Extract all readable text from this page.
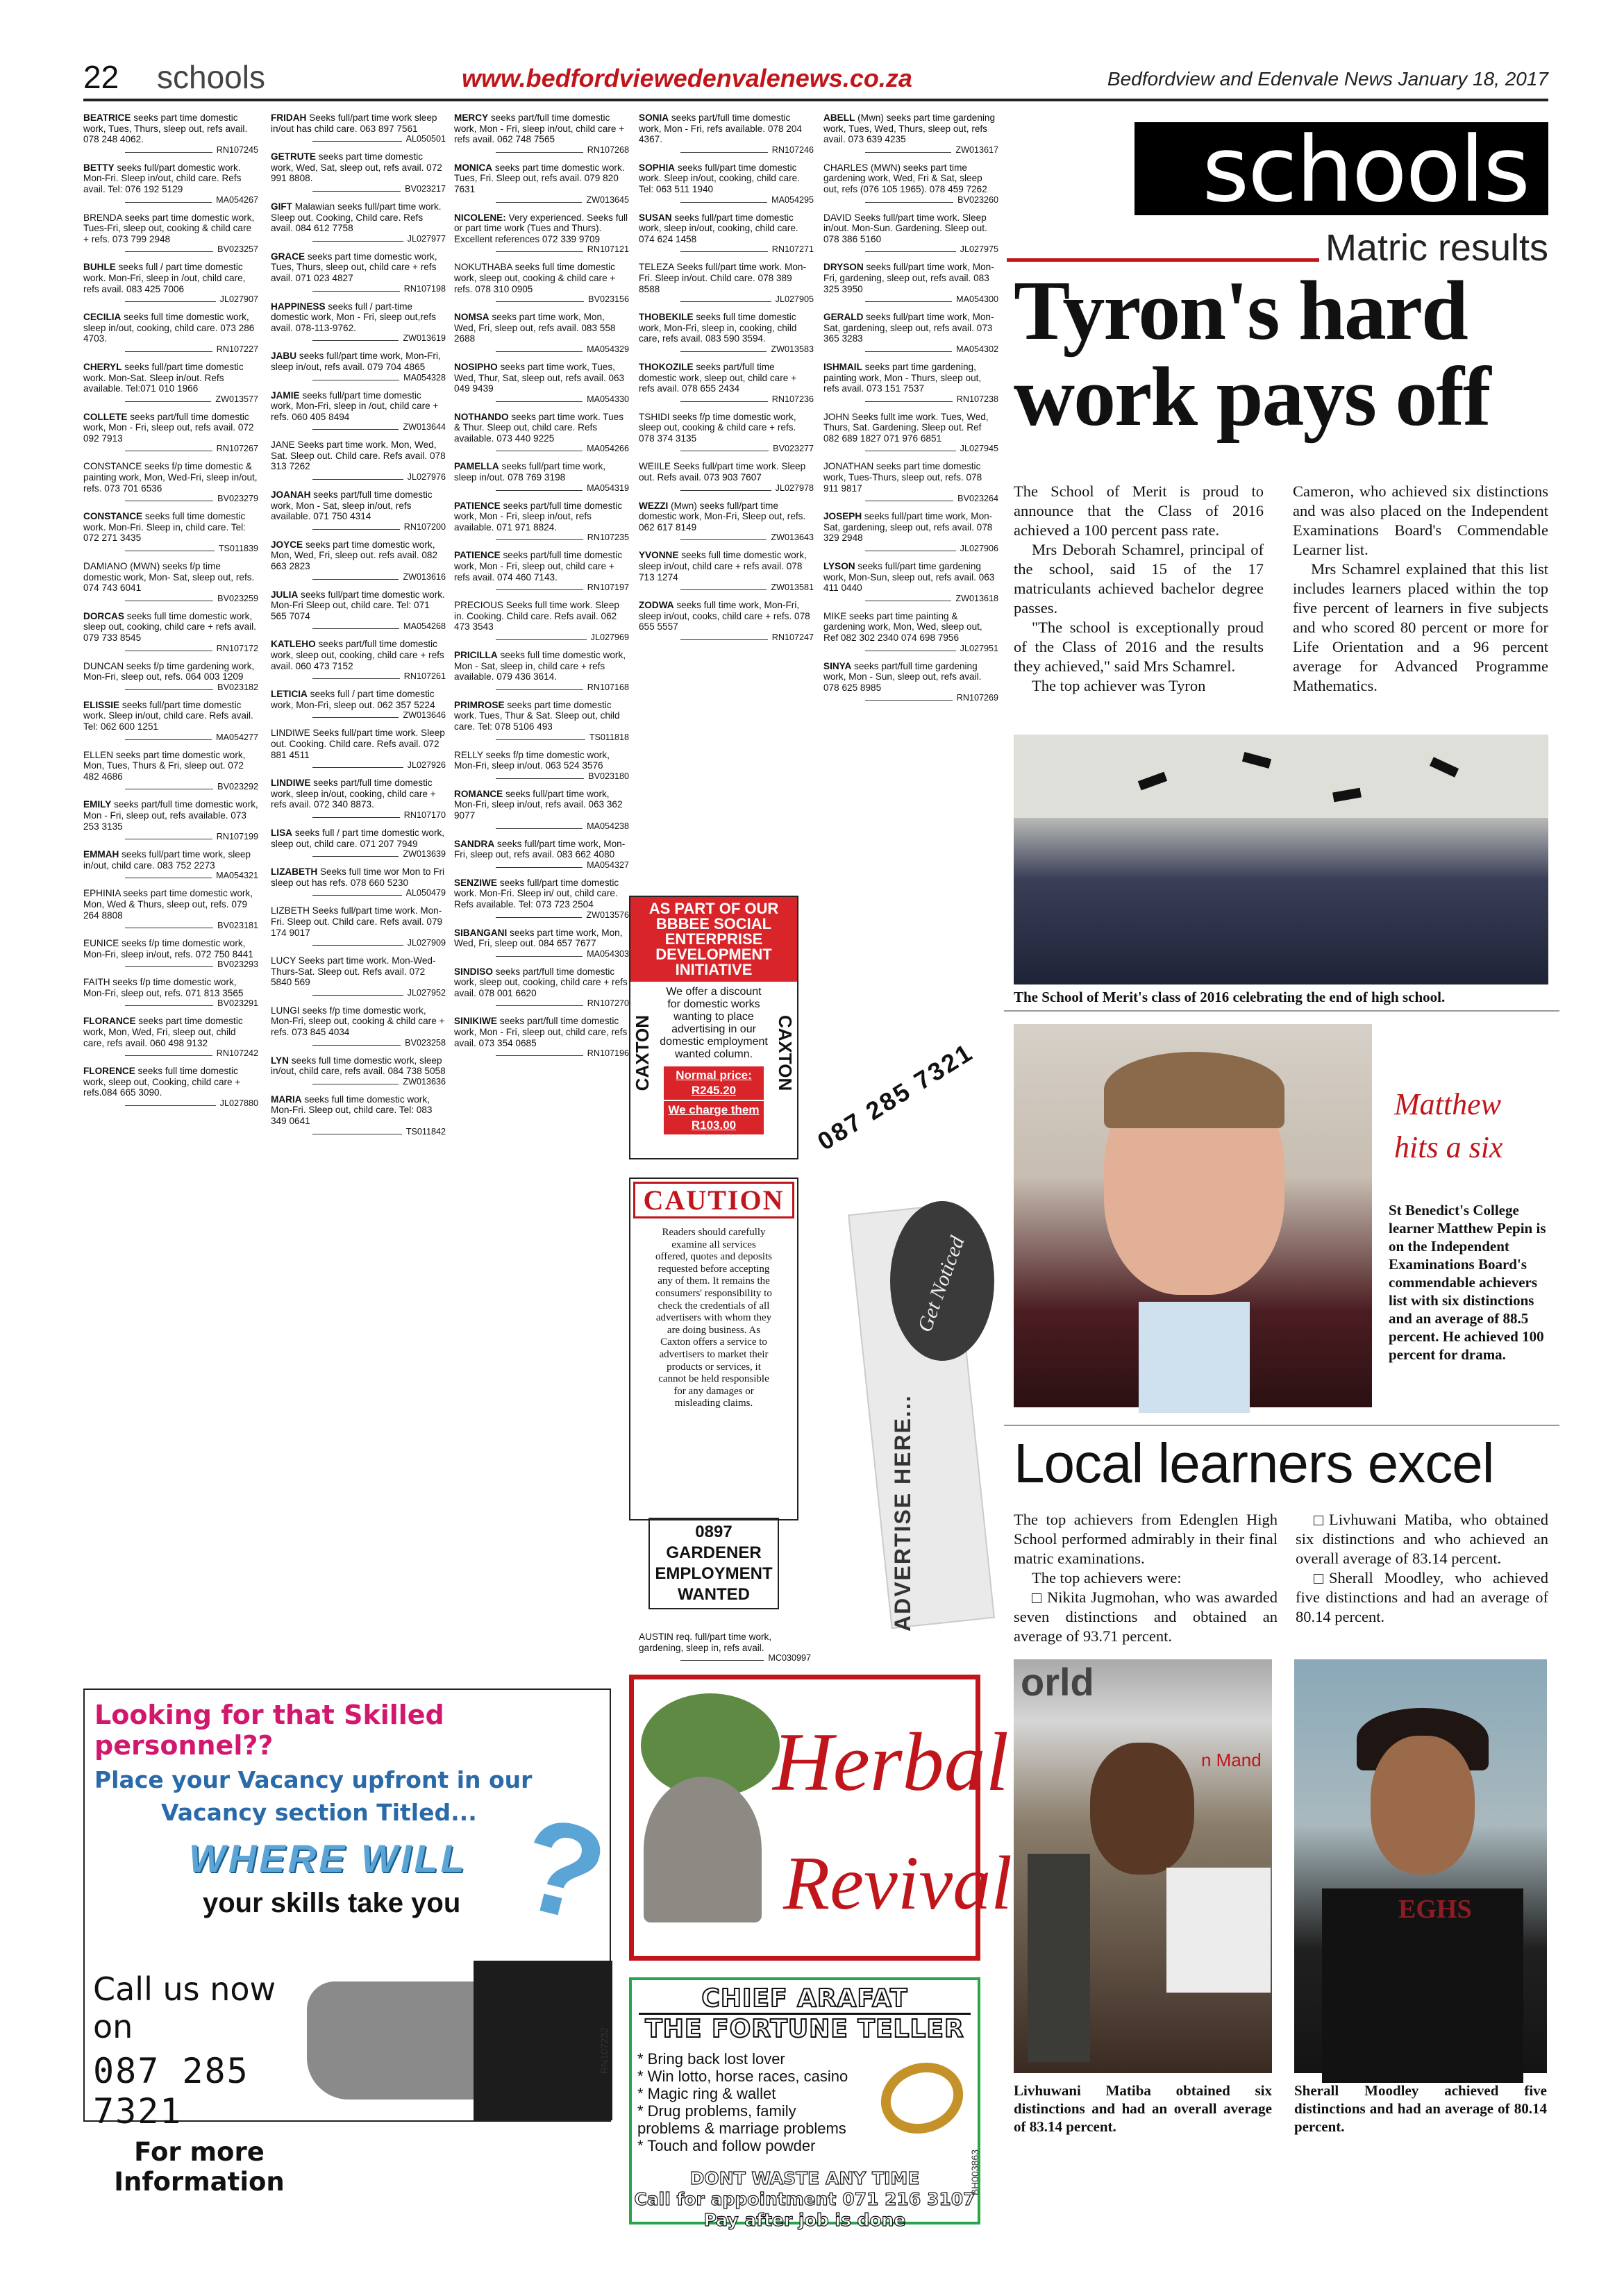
22 schools	www.bedfordviewedenvalenews.co.za	Bedfordview and Edenvale News January 18, 2017
BEATRICE seeks part time domestic work, Tues, Thurs, sleep out, refs avail. 078 248 4062.
RN107245
BETTY seeks full/part domestic work. Mon-Fri. Sleep in/out, child care. Refs avail. Tel: 076 192 5129
MA054267
BRENDA seeks part time domestic work, Tues-Fri, sleep out, cooking & child care + refs. 073 799 2948
BV023257
BUHLE seeks full / part time domestic work. Mon-Fri, sleep in /out, child care, refs avail. 083 425 7006
JL027907
CECILIA seeks full time domestic work, sleep in/out, cooking, child care. 073 286 4703.
RN107227
CHERYL seeks full/part time domestic work. Mon-Sat. Sleep in/out. Refs available. Tel:071 010 1966
ZW013577
COLLETE seeks part/full time domestic work, Mon - Fri, sleep out, refs avail. 072 092 7913
RN107267
CONSTANCE seeks f/p time domestic & painting work, Mon, Wed-Fri, sleep in/out, refs. 073 701 6536
BV023279
CONSTANCE seeks full time domestic work. Mon-Fri. Sleep in, child care. Tel: 072 271 3435
TS011839
DAMIANO (MWN) seeks f/p time domestic work, Mon- Sat, sleep out, refs. 074 743 6041
BV023259
DORCAS seeks full time domestic work, sleep out, cooking, child care + refs avail. 079 733 8545
RN107172
DUNCAN seeks f/p time gardening work, Mon-Fri, sleep out, refs. 064 003 1209
BV023182
ELISSIE seeks full/part time domestic work. Sleep in/out, child care. Refs avail. Tel: 062 600 1251
MA054277
ELLEN seeks part time domestic work, Mon, Tues, Thurs & Fri, sleep out. 072 482 4686
BV023292
EMILY seeks part/full time domestic work, Mon - Fri, sleep out, refs available. 073 253 3135
RN107199
EMMAH seeks full/part time work, sleep in/out, child care. 083 752 2273
MA054321
EPHINIA seeks part time domestic work, Mon, Wed & Thurs, sleep out, refs. 079 264 8808
BV023181
EUNICE seeks f/p time domestic work, Mon-Fri, sleep in/out, refs. 072 750 8441
BV023293
FAITH seeks f/p time domestic work, Mon-Fri, sleep out, refs. 071 813 3565
BV023291
FLORANCE seeks part time domestic work, Mon, Wed, Fri, sleep out, child care, refs avail. 060 498 9132
RN107242
FLORENCE seeks full time domestic work, sleep out, Cooking, child care + refs.084 665 3090.
JL027880
FRIDAH Seeks full/part time work sleep in/out has child care. 063 897 7561
AL050501
GETRUTE seeks part time domestic work, Wed, Sat, sleep out, refs avail. 072 991 8808.
BV023217
GIFT Malawian seeks full/part time work. Sleep out. Cooking, Child care. Refs avail. 084 612 7758
JL027977
GRACE seeks part time domestic work, Tues, Thurs, sleep out, child care + refs avail. 071 023 4827
RN107198
HAPPINESS seeks full / part-time domestic work, Mon - Fri, sleep out,refs avail. 078-113-9762.
ZW013619
JABU seeks full/part time work, Mon-Fri, sleep in/out, refs avail. 079 704 4865
MA054328
JAMIE seeks full/part time domestic work, Mon-Fri, sleep in /out, child care + refs. 060 405 8494
ZW013644
JANE Seeks part time work. Mon, Wed, Sat. Sleep out. Child care. Refs avail. 078 313 7262
JL027976
JOANAH seeks part/full time domestic work, Mon - Sat, sleep in/out, refs available. 071 750 4314
RN107200
JOYCE seeks part time domestic work, Mon, Wed, Fri, sleep out. refs avail. 082 663 2823
ZW013616
JULIA seeks full/part time domestic work. Mon-Fri Sleep out, child care. Tel: 071 565 7074
MA054268
KATLEHO seeks part/full time domestic work, sleep out, cooking, child care + refs avail. 060 473 7152
RN107261
LETICIA seeks full / part time domestic work, Mon-Fri, sleep out. 062 357 5224
ZW013646
LINDIWE Seeks full/part time work. Sleep out. Cooking. Child care. Refs avail. 072 881 4511
JL027926
LINDIWE seeks part/full time domestic work, sleep in/out, cooking, child care + refs avail. 072 340 8873.
RN107170
LISA seeks full / part time domestic work, sleep out, child care. 071 207 7949
ZW013639
LIZABETH Seeks full time wor Mon to Fri sleep out has refs. 078 660 5230
AL050479
LIZBETH Seeks full/part time work. Mon-Fri. Sleep out. Child care. Refs avail. 079 174 9017
JL027909
LUCY Seeks part time work. Mon-Wed-Thurs-Sat. Sleep out. Refs avail. 072 5840 569
JL027952
LUNGI seeks f/p time domestic work, Mon-Fri, sleep out, cooking & child care + refs. 073 845 4034
BV023258
LYN seeks full time domestic work, sleep in/out, child care, refs avail. 084 738 5058
ZW013636
MARIA seeks full time domestic work, Mon-Fri. Sleep out, child care. Tel: 083 349 0641
TS011842
MERCY seeks part/full time domestic work, Mon - Fri, sleep in/out, child care + refs avail. 062 748 7565
RN107268
MONICA seeks part time domestic work. Tues, Fri. Sleep out, refs avail. 079 820 7631
ZW013645
NICOLENE: Very experienced. Seeks full or part time work (Tues and Thurs). Excellent references 072 339 9709
RN107121
NOKUTHABA seeks full time domestic work, sleep out, cooking & child care + refs. 078 310 0905
BV023156
NOMSA seeks part time work, Mon, Wed, Fri, sleep out, refs avail. 083 558 2688
MA054329
NOSIPHO seeks part time work, Tues, Wed, Thur, Sat, sleep out, refs avail. 063 049 9439
MA054330
NOTHANDO seeks part time work. Tues & Thur. Sleep out, child care. Refs available. 073 440 9225
MA054266
PAMELLA seeks full/part time work, sleep in/out. 078 769 3198
MA054319
PATIENCE seeks part/full time domestic work, Mon - Fri, sleep in/out, refs available. 071 971 8824.
RN107235
PATIENCE seeks part/full time domestic work, Mon - Fri, sleep out, child care + refs avail. 074 460 7143.
RN107197
PRECIOUS Seeks full time work. Sleep in. Cooking. Child care. Refs avail. 062 473 3543
JL027969
PRICILLA seeks full time domestic work, Mon - Sat, sleep in, child care + refs available. 079 436 3614.
RN107168
PRIMROSE seeks part time domestic work. Tues, Thur & Sat. Sleep out, child care. Tel: 078 5106 493
TS011818
RELLY seeks f/p time domestic work, Mon-Fri, sleep in/out. 063 524 3576
BV023180
ROMANCE seeks full/part time work, Mon-Fri, sleep in/out, refs avail. 063 362 9077
MA054238
SANDRA seeks full/part time work, Mon-Fri, sleep out, refs avail. 083 662 4080
MA054327
SENZIWE seeks full/part time domestic work. Mon-Fri. Sleep in/ out, child care. Refs available. Tel: 073 723 2504
ZW013576
SIBANGANI seeks part time work, Mon, Wed, Fri, sleep out. 084 657 7677
MA054303
SINDISO seeks part/full time domestic work, sleep out, cooking, child care + refs avail. 078 001 6620
RN107270
SINIKIWE seeks part/full time domestic work, Mon - Fri, sleep out, child care, refs avail. 073 354 0685
RN107196
SONIA seeks part/full time domestic work, Mon - Fri, refs available. 078 204 4367.
RN107246
SOPHIA seeks full/part time domestic work. Sleep in/out, cooking, child care. Tel: 063 511 1940
MA054295
SUSAN seeks full/part time domestic work, sleep in/out, cooking, child care. 074 624 1458
RN107271
TELEZA Seeks full/part time work. Mon-Fri. Sleep in/out. Child care. 078 389 8588
JL027905
THOBEKILE seeks full time domestic work, Mon-Fri, sleep in, cooking, child care, refs avail. 083 590 3594.
ZW013583
THOKOZILE seeks part/full time domestic work, sleep out, child care + refs avail. 078 655 2434
RN107236
TSHIDI seeks f/p time domestic work, sleep out, cooking & child care + refs. 078 374 3135
BV023277
WEIILE Seeks full/part time work. Sleep out. Refs avail. 073 903 7607
JL027978
WEZZI (Mwn) seeks full/part time domestic work, Mon-Fri, Sleep out, refs. 062 617 8149
ZW013643
YVONNE seeks full time domestic work, sleep in/out, child care + refs avail. 078 713 1274
ZW013581
ZODWA seeks full time work, Mon-Fri, sleep in/out, cooks, child care + refs. 078 655 5557
RN107247
ABELL (Mwn) seeks part time gardening work, Tues, Wed, Thurs, sleep out, refs avail. 073 639 4235
ZW013617
CHARLES (MWN) seeks part time gardening work, Wed, Fri & Sat, sleep out, refs (076 105 1965). 078 459 7262
BV023260
DAVID Seeks full/part time work. Sleep in/out. Mon-Sun. Gardening. Sleep out. 078 386 5160
JL027975
DRYSON seeks full/part time work, Mon-Fri, gardening, sleep out, refs avail. 083 325 3950
MA054300
GERALD seeks full/part time work, Mon-Sat, gardening, sleep out, refs avail. 073 365 3283
MA054302
ISHMAIL seeks part time gardening, painting work, Mon - Thurs, sleep out, refs avail. 073 151 7537
RN107238
JOHN Seeks fullt ime work. Tues, Wed, Thurs, Sat. Gardening. Sleep out. Ref 082 689 1827 071 976 6851
JL027945
JONATHAN seeks part time domestic work, Tues-Thurs, sleep out, refs. 078 911 9817
BV023264
JOSEPH seeks full/part time work, Mon-Sat, gardening, sleep out, refs avail. 078 329 2948
JL027906
LYSON seeks full/part time gardening work, Mon-Sun, sleep out, refs avail. 063 411 0440
ZW013618
MIKE seeks part time painting & gardening work, Mon, Wed, sleep out, Ref 082 302 2340 074 698 7956
JL027951
SINYA seeks part/full time gardening work, Mon - Sun, sleep out, refs avail. 078 625 8985
RN107269
AS PART OF OUR BBBEE SOCIAL ENTERPRISE DEVELOPMENT INITIATIVE
We offer a discount for domestic works wanting to place advertising in our domestic employment wanted column.
Normal price: R245.20
We charge them R103.00
CAXTON	CAXTON
CAUTION
Readers should carefully examine all services offered, quotes and deposits requested before accepting any of them. It remains the consumers' responsibility to check the credentials of all advertisers with whom they are doing business. As Caxton offers a service to advertisers to market their products or services, it cannot be held responsible for any damages or misleading claims.
087 285 7321
Get Noticed
ADVERTISE HERE...
0897
GARDENER
EMPLOYMENT
WANTED
AUSTIN req. full/part time work, gardening, sleep in, refs avail.
MC030997
Looking for that Skilled personnel??
Place your Vacancy upfront in our
Vacancy section Titled...
WHERE WILL
your skills take you ?
Call us now on
087 285 7321
For more
Information
RN107232
Herbal
Revival
CHIEF ARAFAT
THE FORTUNE TELLER
* Bring back lost lover
* Win lotto, horse races, casino
* Magic ring & wallet
* Drug problems, family problems & marriage problems
* Touch and follow powder
DONT WASTE ANY TIME
Call for appointment 071 216 3107
Pay after job is done
BH003863
schools
Matric results
Tyron's hard work pays off

The School of Merit is proud to announce that the Class of 2016 achieved a 100 percent pass rate.

Mrs Deborah Schamrel, principal of the school, said 15 of the 17 matriculants achieved bachelor degree passes.

"The school is exceptionally proud of the Class of 2016 and the results they achieved," said Mrs Schamrel.

The top achiever was Tyron

Cameron, who achieved six distinctions and was also placed on the Independent Examinations Board's Commendable Learner list.

Mrs Schamrel explained that this list includes learners placed within the top five percent of learners in five subjects and who scored 80 percent or more for Life Orientation and a 96 percent average for Advanced Programme Mathematics.

The School of Merit's class of 2016 celebrating the end of high school.
Matthew
hits a six
St Benedict's College learner Matthew Pepin is on the Independent Examinations Board's commendable achievers list with six distinctions and an average of 88.5 percent. He achieved 100 percent for drama.
Local learners excel

The top achievers from Edenglen High School performed admirably in their final matric examinations.

The top achievers were:

Nikita Jugmohan, who was awarded seven distinctions and obtained an average of 93.71 percent.

Livhuwani Matiba, who obtained six distinctions and who achieved an overall average of 83.14 percent.

Sherall Moodley, who achieved five distinctions and had an average of 80.14 percent.

orld
n Mand
EGHS
Livhuwani Matiba obtained six distinctions and had an overall average of 83.14 percent.
Sherall Moodley achieved five distinctions and had an average of 80.14 percent.
